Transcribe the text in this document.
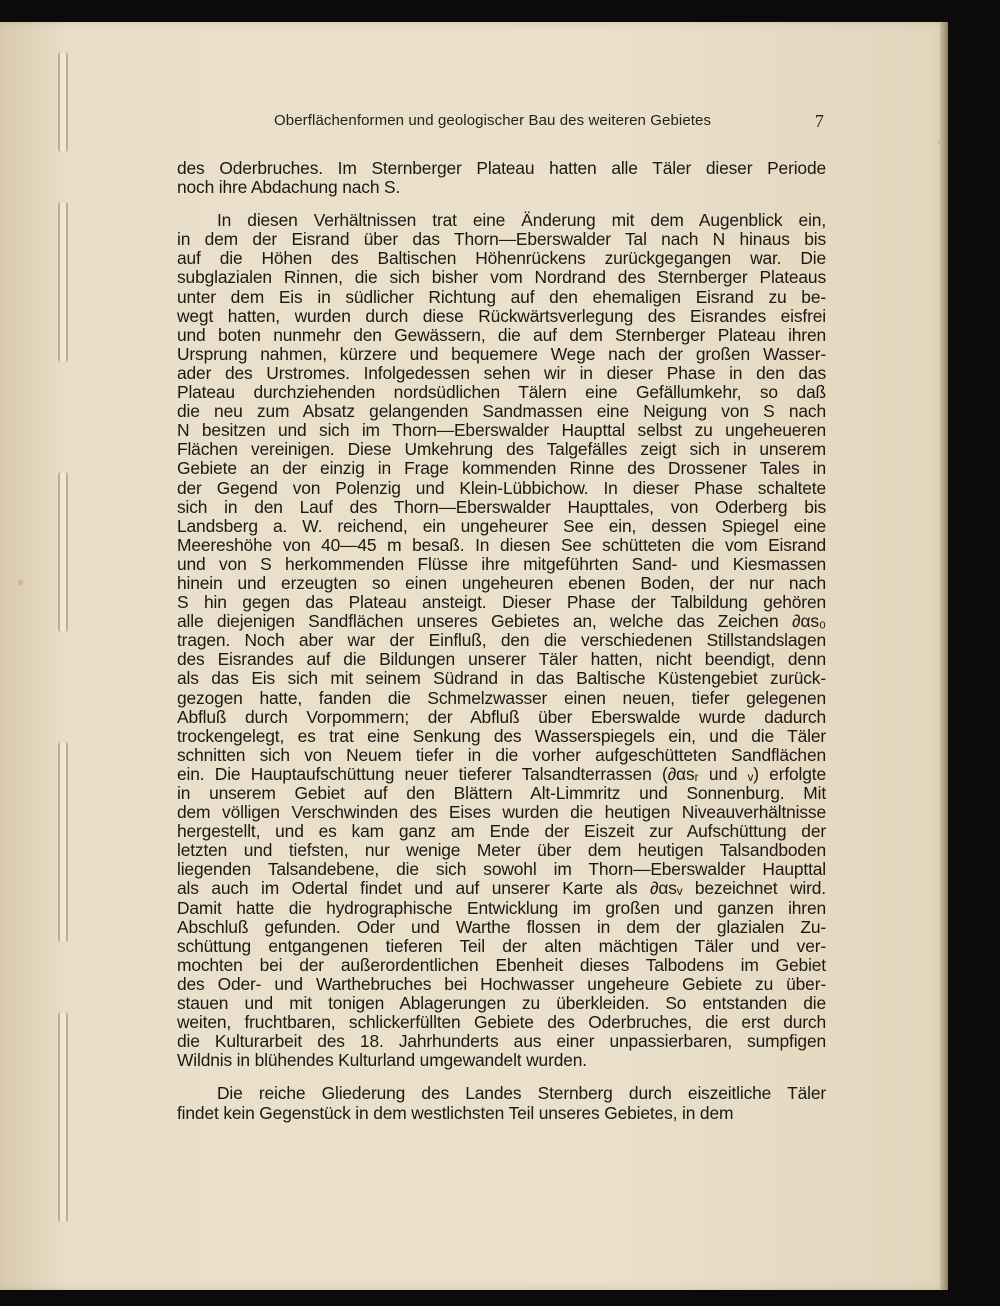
Oberflächenformen und geologischer Bau des weiteren Gebietes	7

des Oderbruches. Im Sternberger Plateau hatten alle Täler dieser Periode
noch ihre Abdachung nach S.

In diesen Verhältnissen trat eine Änderung mit dem Augenblick ein,
in dem der Eisrand über das Thorn—Eberswalder Tal nach N hinaus bis
auf die Höhen des Baltischen Höhenrückens zurückgegangen war. Die
subglazialen Rinnen, die sich bisher vom Nordrand des Sternberger Plateaus
unter dem Eis in südlicher Richtung auf den ehemaligen Eisrand zu be-
wegt hatten, wurden durch diese Rückwärtsverlegung des Eisrandes eisfrei
und boten nunmehr den Gewässern, die auf dem Sternberger Plateau ihren
Ursprung nahmen, kürzere und bequemere Wege nach der großen Wasser-
ader des Urstromes. Infolgedessen sehen wir in dieser Phase in den das
Plateau durchziehenden nordsüdlichen Tälern eine Gefällumkehr, so daß
die neu zum Absatz gelangenden Sandmassen eine Neigung von S nach
N besitzen und sich im Thorn—Eberswalder Haupttal selbst zu ungeheueren
Flächen vereinigen. Diese Umkehrung des Talgefälles zeigt sich in unserem
Gebiete an der einzig in Frage kommenden Rinne des Drossener Tales in
der Gegend von Polenzig und Klein-Lübbichow. In dieser Phase schaltete
sich in den Lauf des Thorn—Eberswalder Haupttales, von Oderberg bis
Landsberg a. W. reichend, ein ungeheurer See ein, dessen Spiegel eine
Meereshöhe von 40—45 m besaß. In diesen See schütteten die vom Eisrand
und von S herkommenden Flüsse ihre mitgeführten Sand- und Kiesmassen
hinein und erzeugten so einen ungeheuren ebenen Boden, der nur nach
S hin gegen das Plateau ansteigt. Dieser Phase der Talbildung gehören
alle diejenigen Sandflächen unseres Gebietes an, welche das Zeichen ∂αs₀
tragen. Noch aber war der Einfluß, den die verschiedenen Stillstandslagen
des Eisrandes auf die Bildungen unserer Täler hatten, nicht beendigt, denn
als das Eis sich mit seinem Südrand in das Baltische Küstengebiet zurück-
gezogen hatte, fanden die Schmelzwasser einen neuen, tiefer gelegenen
Abfluß durch Vorpommern; der Abfluß über Eberswalde wurde dadurch
trockengelegt, es trat eine Senkung des Wasserspiegels ein, und die Täler
schnitten sich von Neuem tiefer in die vorher aufgeschütteten Sandflächen
ein. Die Hauptaufschüttung neuer tieferer Talsandterrassen (∂αsᵣ und ᵥ) erfolgte
in unserem Gebiet auf den Blättern Alt-Limmritz und Sonnenburg. Mit
dem völligen Verschwinden des Eises wurden die heutigen Niveauverhältnisse
hergestellt, und es kam ganz am Ende der Eiszeit zur Aufschüttung der
letzten und tiefsten, nur wenige Meter über dem heutigen Talsandboden
liegenden Talsandebene, die sich sowohl im Thorn—Eberswalder Haupttal
als auch im Odertal findet und auf unserer Karte als ∂αsᵥ bezeichnet wird.
Damit hatte die hydrographische Entwicklung im großen und ganzen ihren
Abschluß gefunden. Oder und Warthe flossen in dem der glazialen Zu-
schüttung entgangenen tieferen Teil der alten mächtigen Täler und ver-
mochten bei der außerordentlichen Ebenheit dieses Talbodens im Gebiet
des Oder- und Warthebruches bei Hochwasser ungeheure Gebiete zu über-
stauen und mit tonigen Ablagerungen zu überkleiden. So entstanden die
weiten, fruchtbaren, schlickerfüllten Gebiete des Oderbruches, die erst durch
die Kulturarbeit des 18. Jahrhunderts aus einer unpassierbaren, sumpfigen
Wildnis in blühendes Kulturland umgewandelt wurden.

Die reiche Gliederung des Landes Sternberg durch eiszeitliche Täler
findet kein Gegenstück in dem westlichsten Teil unseres Gebietes, in dem
